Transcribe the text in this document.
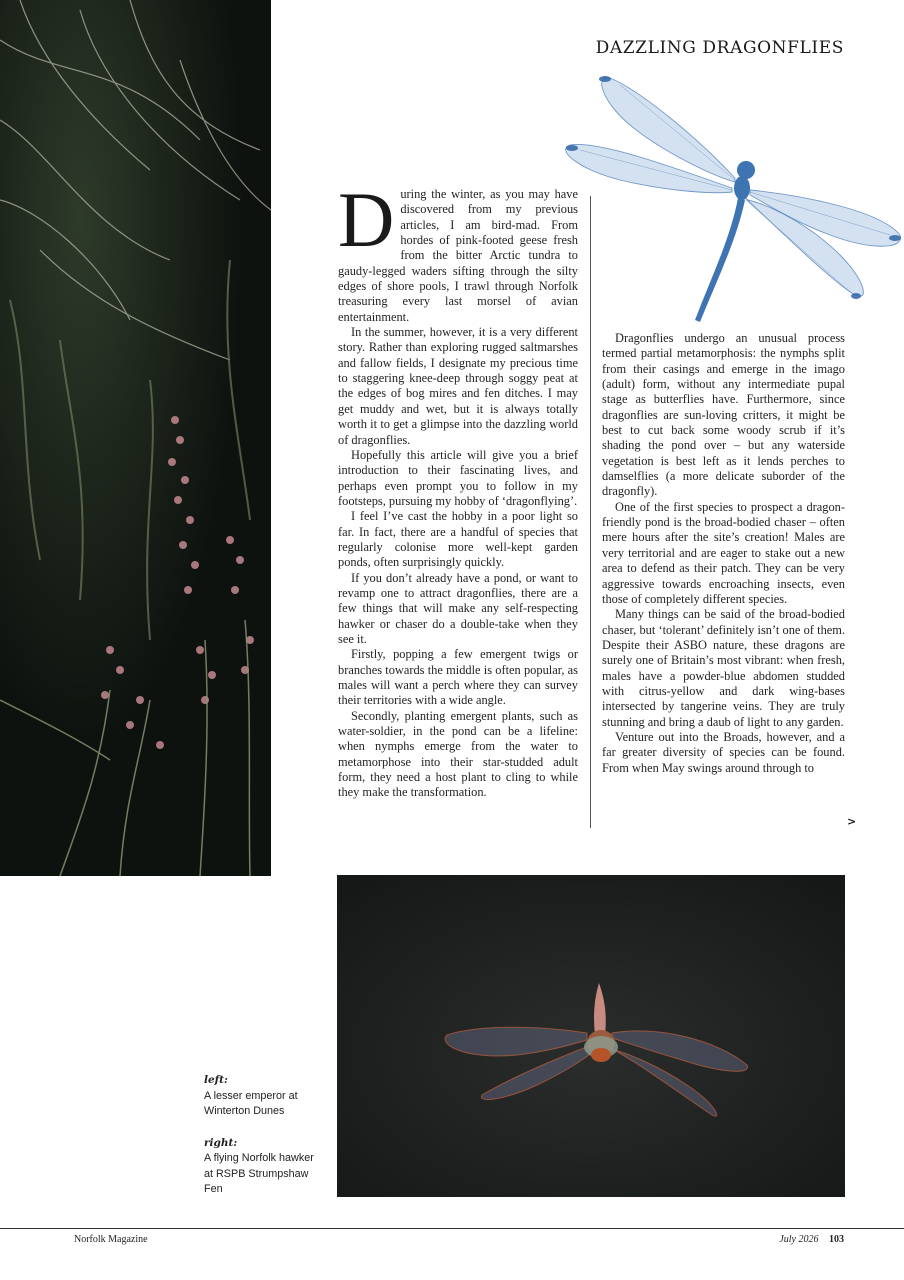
DAZZLING DRAGONFLIES

During the winter, as you may have discovered from my previous articles, I am bird-mad. From hordes of pink-footed geese fresh from the bitter Arctic tundra to gaudy-legged waders sifting through the silty edges of shore pools, I trawl through Norfolk treasuring every last morsel of avian entertainment.

In the summer, however, it is a very different story. Rather than exploring rugged saltmarshes and fallow fields, I designate my precious time to staggering knee-deep through soggy peat at the edges of bog mires and fen ditches. I may get muddy and wet, but it is always totally worth it to get a glimpse into the dazzling world of dragonflies.

Hopefully this article will give you a brief introduction to their fascinating lives, and perhaps even prompt you to follow in my footsteps, pursuing my hobby of ‘dragonflying’.

I feel I’ve cast the hobby in a poor light so far. In fact, there are a handful of species that regularly colonise more well-kept garden ponds, often surprisingly quickly.

If you don’t already have a pond, or want to revamp one to attract dragonflies, there are a few things that will make any self-respecting hawker or chaser do a double-take when they see it.

Firstly, popping a few emergent twigs or branches towards the middle is often popular, as males will want a perch where they can survey their territories with a wide angle.

Secondly, planting emergent plants, such as water-soldier, in the pond can be a lifeline: when nymphs emerge from the water to metamorphose into their star-studded adult form, they need a host plant to cling to while they make the transformation.

Dragonflies undergo an unusual process termed partial metamorphosis: the nymphs split from their casings and emerge in the imago (adult) form, without any intermediate pupal stage as butterflies have. Furthermore, since dragonflies are sun-loving critters, it might be best to cut back some woody scrub if it’s shading the pond over – but any waterside vegetation is best left as it lends perches to damselflies (a more delicate suborder of the dragonfly).

One of the first species to prospect a dragon-friendly pond is the broad-bodied chaser – often mere hours after the site’s creation! Males are very territorial and are eager to stake out a new area to defend as their patch. They can be very aggressive towards encroaching insects, even those of completely different species.

Many things can be said of the broad-bodied chaser, but ‘tolerant’ definitely isn’t one of them. Despite their ASBO nature, these dragons are surely one of Britain’s most vibrant: when fresh, males have a powder-blue abdomen studded with citrus-yellow and dark wing-bases intersected by tangerine veins. They are truly stunning and bring a daub of light to any garden.

Venture out into the Broads, however, and a far greater diversity of species can be found. From when May swings around through to

>
left:
A lesser emperor at Winterton Dunes
right:
A flying Norfolk hawker at RSPB Strumpshaw Fen
Norfolk Magazine	July 2026 103
